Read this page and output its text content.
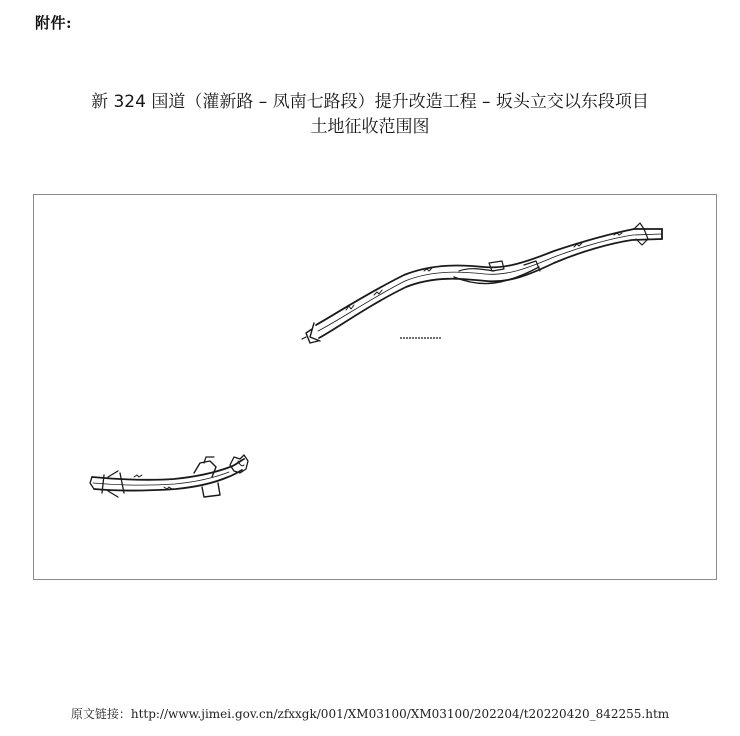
附件:
新 324 国道（灌新路 – 凤南七路段）提升改造工程 – 坂头立交以东段项目
土地征收范围图
原文链接：http://www.jimei.gov.cn/zfxxgk/001/XM03100/XM03100/202204/t20220420_842255.htm
